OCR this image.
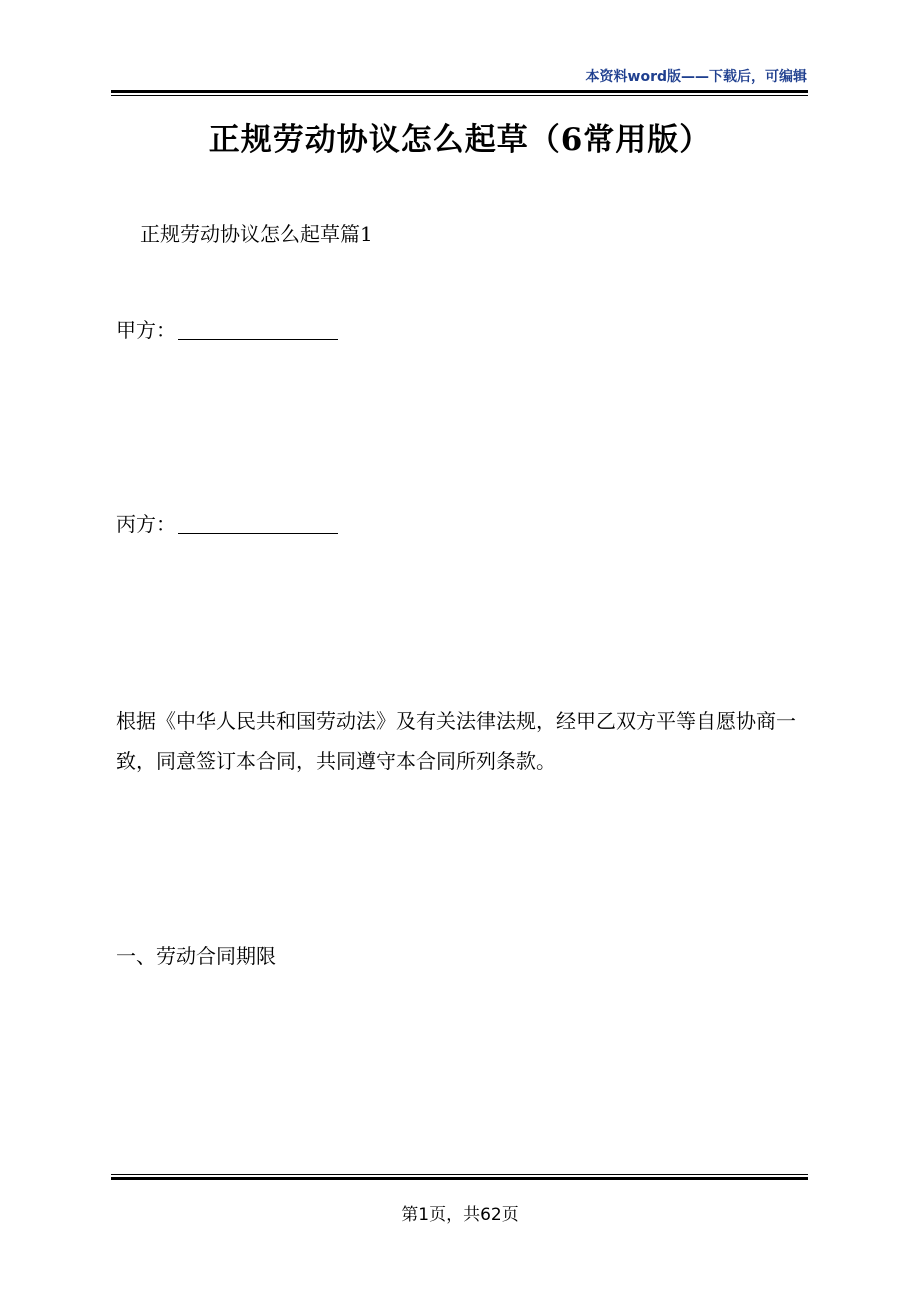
本资料word版——下载后，可编辑
正规劳动协议怎么起草（6常用版）
正规劳动协议怎么起草篇1
甲方：
丙方：
根据《中华人民共和国劳动法》及有关法律法规，经甲乙双方平等自愿协商一致，同意签订本合同，共同遵守本合同所列条款。
一、劳动合同期限
第1页，共62页
